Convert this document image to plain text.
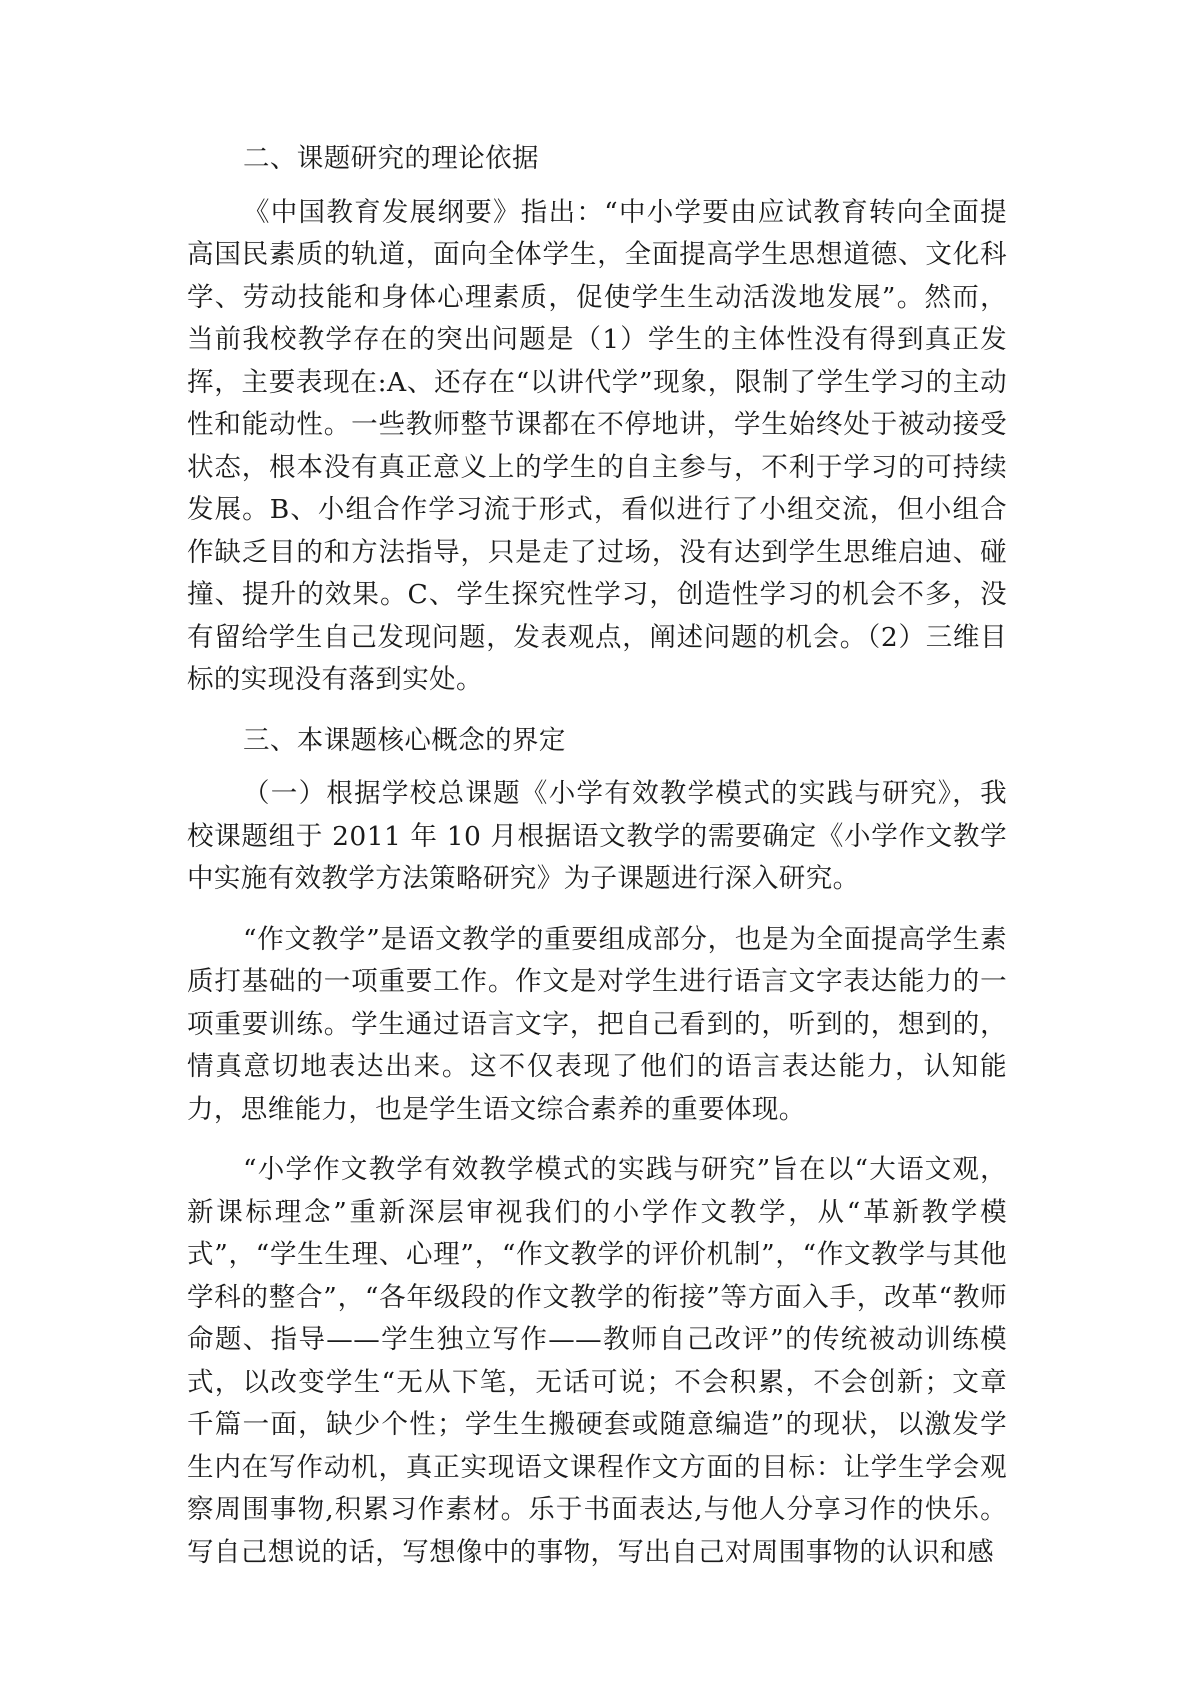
二、课题研究的理论依据

《中国教育发展纲要》指出：“中小学要由应试教育转向全面提高国民素质的轨道，面向全体学生，全面提高学生思想道德、文化科学、劳动技能和身体心理素质，促使学生生动活泼地发展”。然而，当前我校教学存在的突出问题是（1）学生的主体性没有得到真正发挥，主要表现在:A、还存在“以讲代学”现象，限制了学生学习的主动性和能动性。一些教师整节课都在不停地讲，学生始终处于被动接受状态，根本没有真正意义上的学生的自主参与，不利于学习的可持续发展。B、小组合作学习流于形式，看似进行了小组交流，但小组合作缺乏目的和方法指导，只是走了过场，没有达到学生思维启迪、碰撞、提升的效果。C、学生探究性学习，创造性学习的机会不多，没有留给学生自己发现问题，发表观点，阐述问题的机会。（2）三维目标的实现没有落到实处。

三、本课题核心概念的界定

（一）根据学校总课题《小学有效教学模式的实践与研究》，我校课题组于 2011 年 10 月根据语文教学的需要确定《小学作文教学中实施有效教学方法策略研究》为子课题进行深入研究。

“作文教学”是语文教学的重要组成部分，也是为全面提高学生素质打基础的一项重要工作。作文是对学生进行语言文字表达能力的一项重要训练。学生通过语言文字，把自己看到的，听到的，想到的，情真意切地表达出来。这不仅表现了他们的语言表达能力，认知能力，思维能力，也是学生语文综合素养的重要体现。

“小学作文教学有效教学模式的实践与研究”旨在以“大语文观，新课标理念”重新深层审视我们的小学作文教学，从“革新教学模式”，“学生生理、心理”，“作文教学的评价机制”，“作文教学与其他学科的整合”，“各年级段的作文教学的衔接”等方面入手，改革“教师命题、指导——学生独立写作——教师自己改评”的传统被动训练模式，以改变学生“无从下笔，无话可说；不会积累，不会创新；文章千篇一面，缺少个性；学生生搬硬套或随意编造”的现状，以激发学生内在写作动机，真正实现语文课程作文方面的目标：让学生学会观察周围事物,积累习作素材。乐于书面表达,与他人分享习作的快乐。写自己想说的话，写想像中的事物，写出自己对周围事物的认识和感
